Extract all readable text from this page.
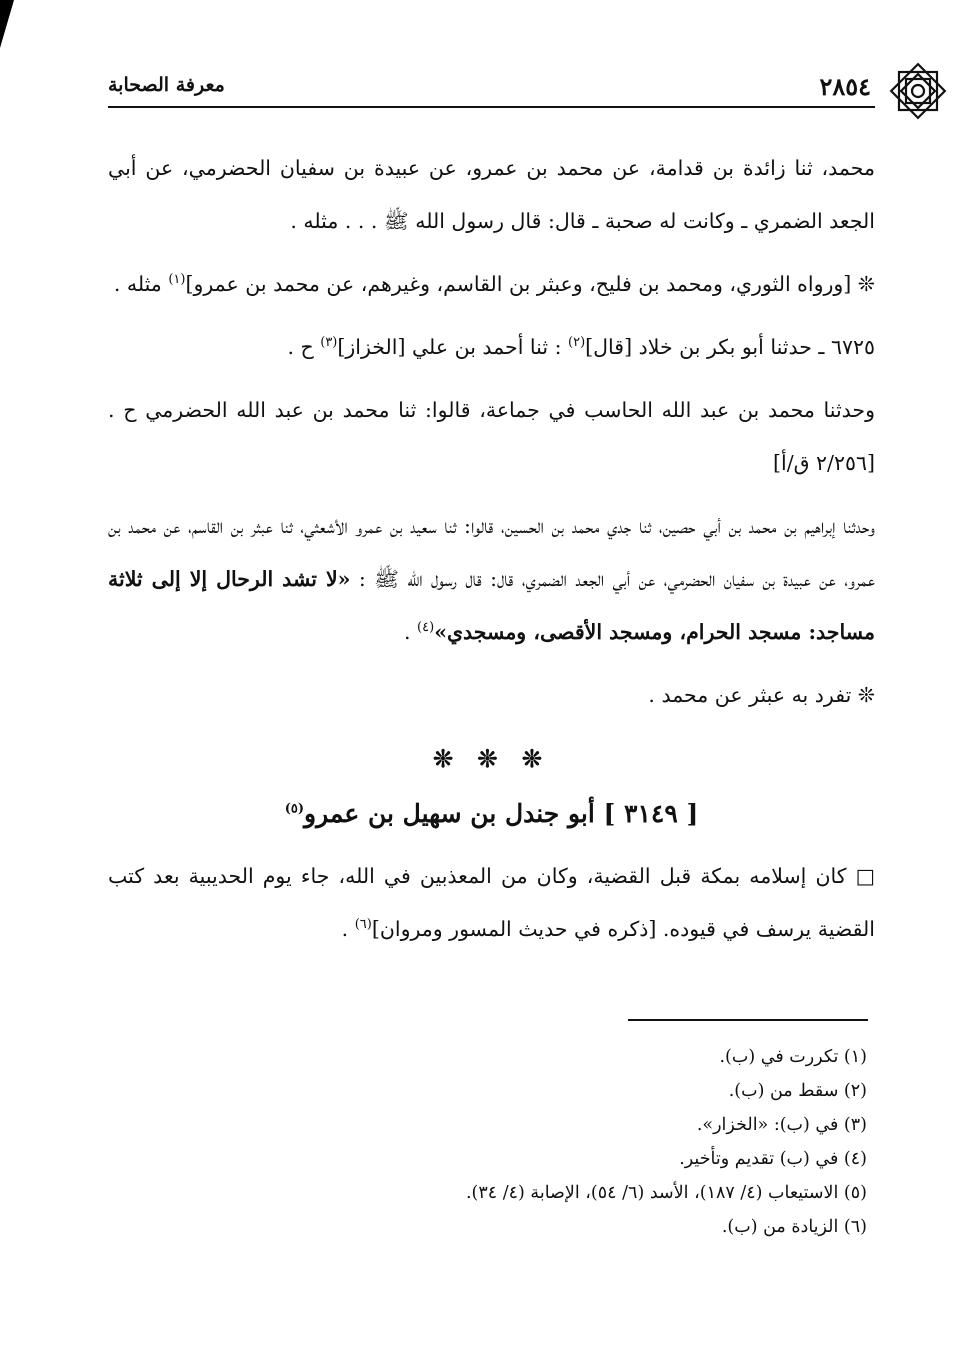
٢٨٥٤
معرفة الصحابة

محمد، ثنا زائدة بن قدامة، عن محمد بن عمرو، عن عبيدة بن سفيان الحضرمي، عن أبي الجعد الضمري ـ وكانت له صحبة ـ قال: قال رسول الله ﷺ . . . مثله .

❊ [ورواه الثوري، ومحمد بن فليح، وعبثر بن القاسم، وغيرهم، عن محمد بن عمرو]$^{(١)}$ مثله .

٦٧٢٥ ـ حدثنا أبو بكر بن خلاد [قال]$^{(٢)}$ : ثنا أحمد بن علي [الخزاز]$^{(٣)}$ ح .

وحدثنا محمد بن عبد الله الحاسب في جماعة، قالوا: ثنا محمد بن عبد الله الحضرمي ح . [٢/٢٥٦ ق/أ]

وحدثنا إبراهيم بن محمد بن أبي حصين، ثنا جدي محمد بن الحسين، قالوا: ثنا سعيد بن عمرو الأشعثي، ثنا عبثر بن القاسم، عن محمد بن عمرو، عن عبيدة بن سفيان الحضرمي، عن أبي الجعد الضمري، قال: قال رسول الله ﷺ : «لا تشد الرحال إلا إلى ثلاثة مساجد: مسجد الحرام، ومسجد الأقصى، ومسجدي»$^{(٤)}$ .

❊ تفرد به عبثر عن محمد .

❊ ❊ ❊
[ ٣١٤٩ ] أبو جندل بن سهيل بن عمرو$^{(٥)}$

□ كان إسلامه بمكة قبل القضية، وكان من المعذبين في الله، جاء يوم الحديبية بعد كتب القضية يرسف في قيوده. [ذكره في حديث المسور ومروان]$^{(٦)}$ .

(١) تكررت في (ب).
(٢) سقط من (ب).
(٣) في (ب): «الخزار».
(٤) في (ب) تقديم وتأخير.
(٥) الاستيعاب (٤/ ١٨٧)، الأسد (٦/ ٥٤)، الإصابة (٤/ ٣٤).
(٦) الزيادة من (ب).
